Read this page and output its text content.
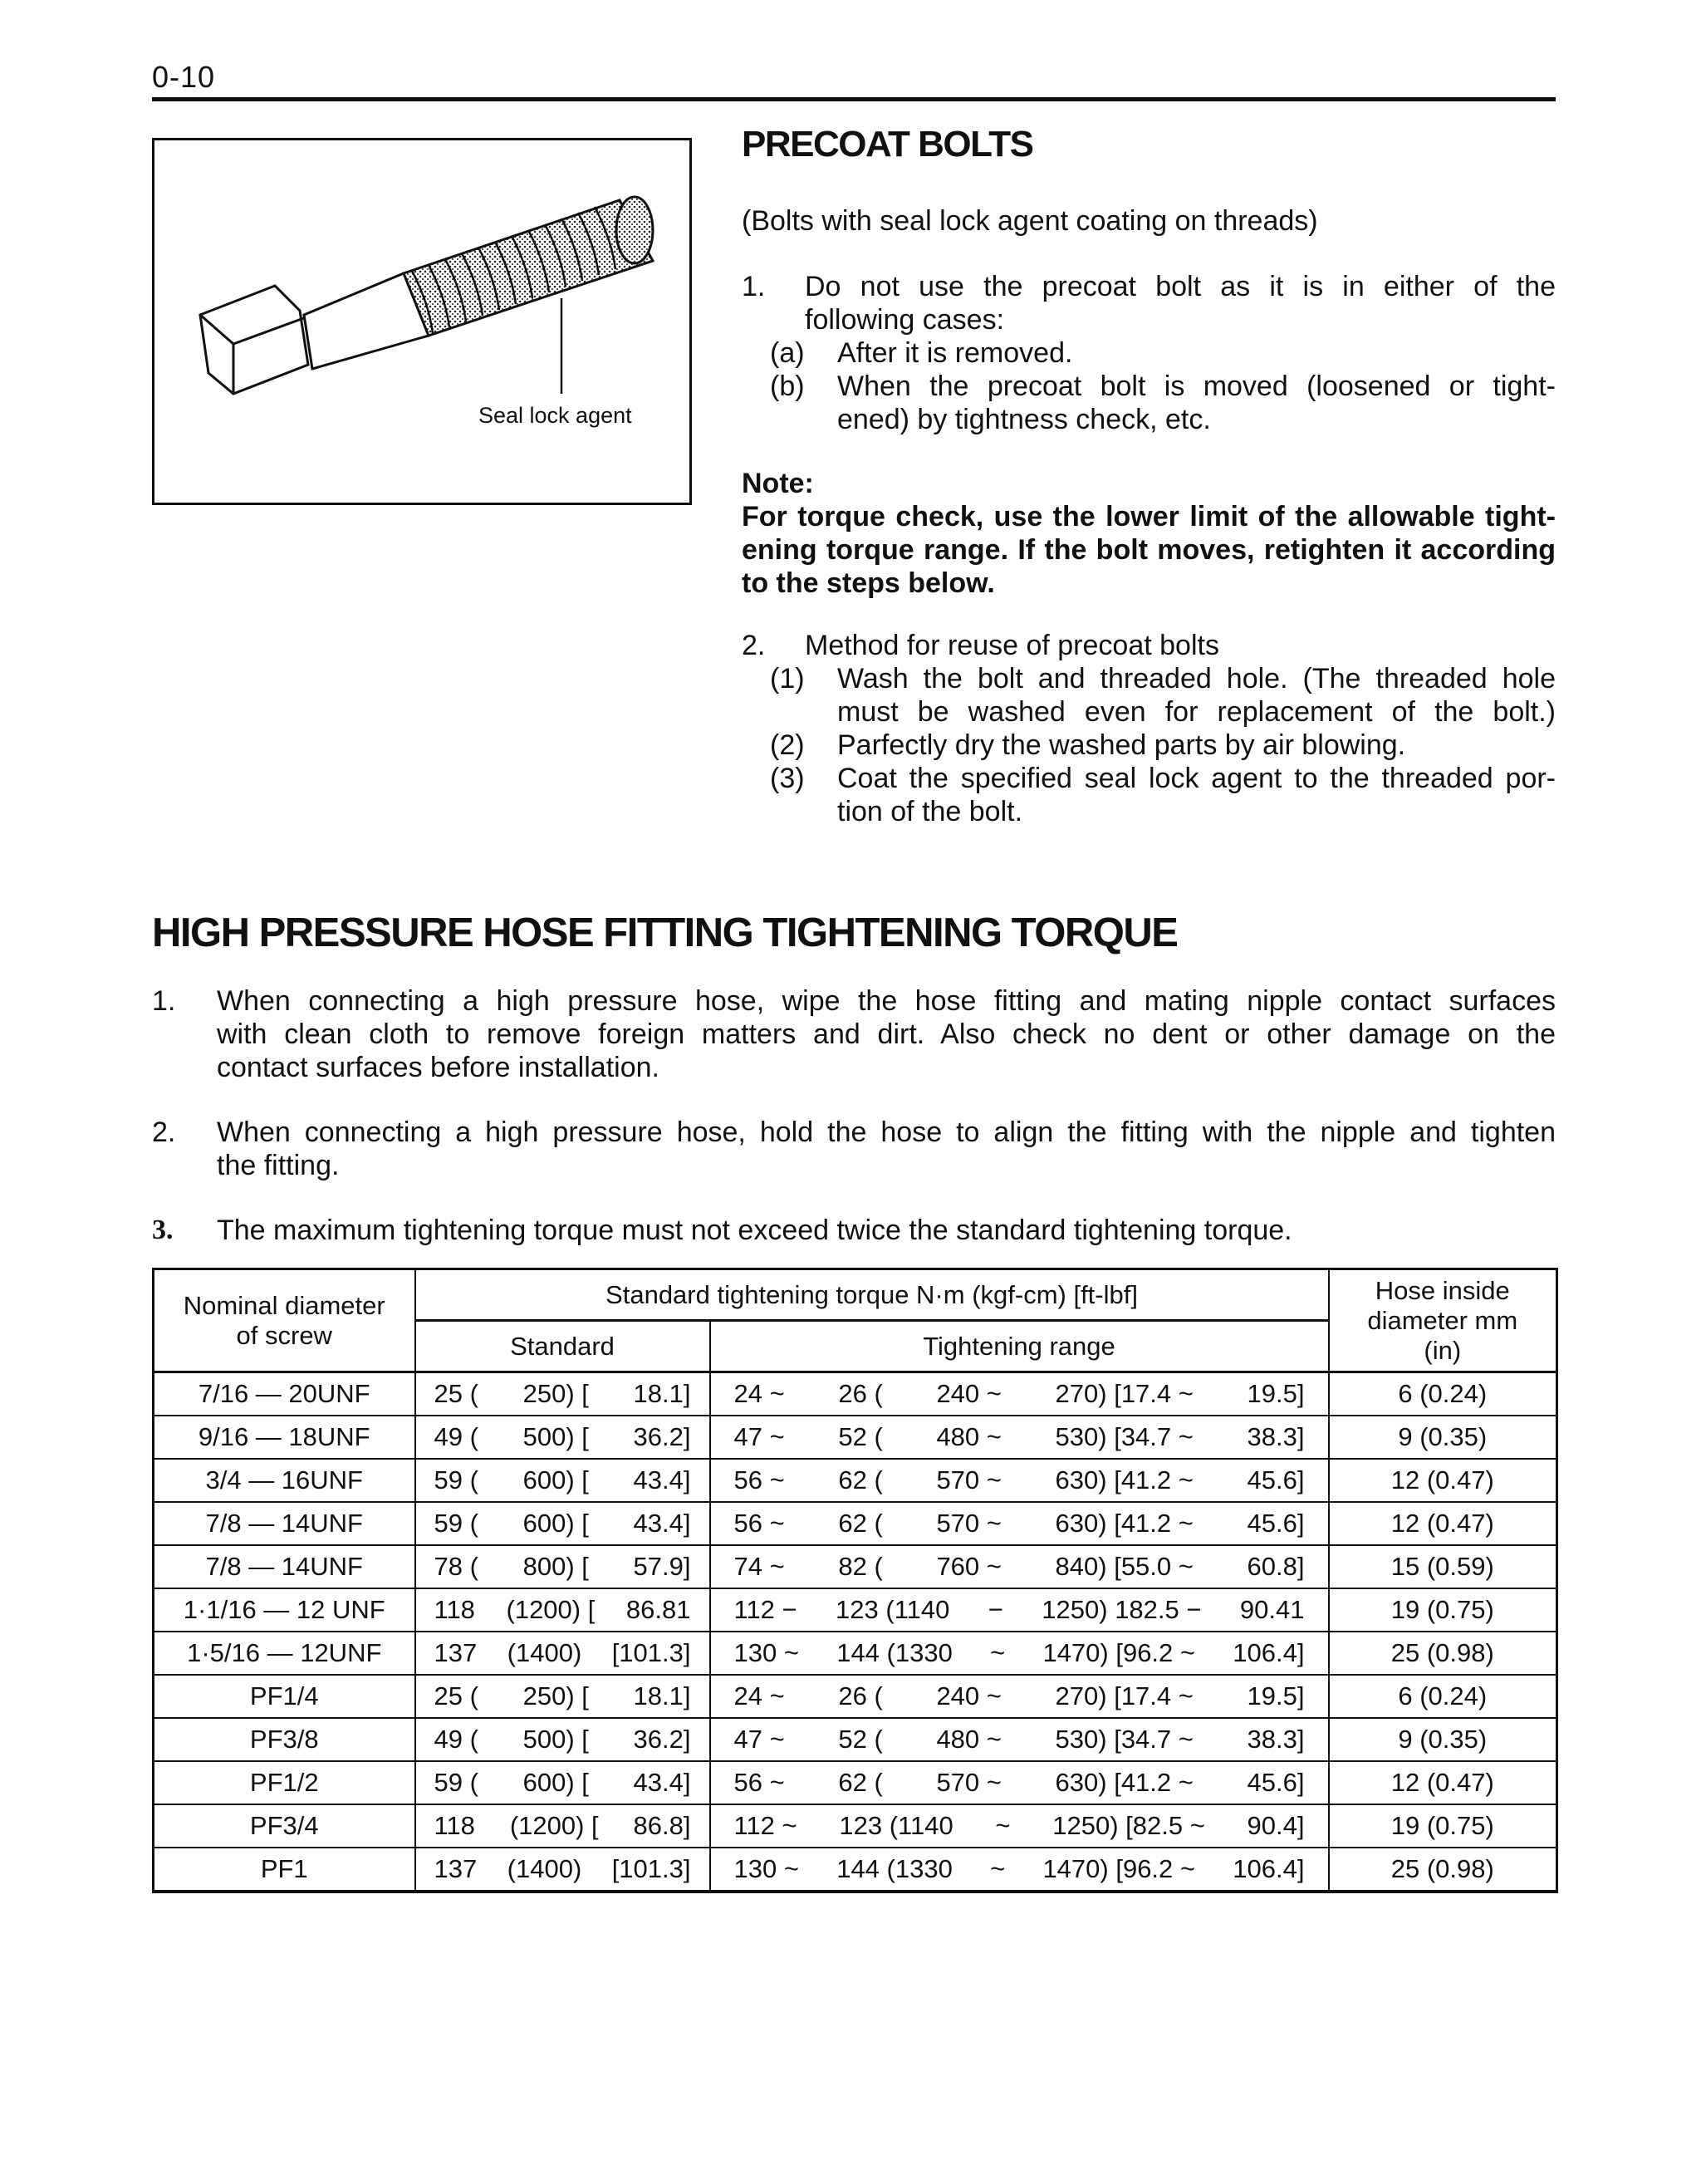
0-10
Seal lock agent
PRECOAT BOLTS
(Bolts with seal lock agent coating on threads)
1. Do not use the precoat bolt as it is in either of the
following cases:
(a) After it is removed.
(b) When the precoat bolt is moved (loosened or tight-
ened) by tightness check, etc.
Note:
For torque check, use the lower limit of the allowable tight-
ening torque range. If the bolt moves, retighten it according
to the steps below.
2. Method for reuse of precoat bolts
(1) Wash the bolt and threaded hole. (The threaded hole
must be washed even for replacement of the bolt.)
(2) Parfectly dry the washed parts by air blowing.
(3) Coat the specified seal lock agent to the threaded por-
tion of the bolt.
HIGH PRESSURE HOSE FITTING TIGHTENING TORQUE
1. When connecting a high pressure hose, wipe the hose fitting and mating nipple contact surfaces
with clean cloth to remove foreign matters and dirt. Also check no dent or other damage on the
contact surfaces before installation.
2. When connecting a high pressure hose, hold the hose to align the fitting with the nipple and tighten
the fitting.
3. The maximum tightening torque must not exceed twice the standard tightening torque.
Nominal diameter of screw	Standard tightening torque N·m (kgf-cm) [ft-lbf]		Hose inside diameter mm (in)
	Standard	Tightening range	
7/16 — 20UNF	25 ( 250) [ 18.1]	24 ~ 26 ( 240 ~ 270) [17.4 ~ 19.5]	6 (0.24)
9/16 — 18UNF	49 ( 500) [ 36.2]	47 ~ 52 ( 480 ~ 530) [34.7 ~ 38.3]	9 (0.35)
3/4 — 16UNF	59 ( 600) [ 43.4]	56 ~ 62 ( 570 ~ 630) [41.2 ~ 45.6]	12 (0.47)
7/8 — 14UNF	59 ( 600) [ 43.4]	56 ~ 62 ( 570 ~ 630) [41.2 ~ 45.6]	12 (0.47)
7/8 — 14UNF	78 ( 800) [ 57.9]	74 ~ 82 ( 760 ~ 840) [55.0 ~ 60.8]	15 (0.59)
1·1/16 — 12 UNF	118 (1200) [ 86.81	112 − 123 (1140 − 1250) 182.5 − 90.41	19 (0.75)
1·5/16 — 12UNF	137 (1400) [101.3]	130 ~ 144 (1330 ~ 1470) [96.2 ~ 106.4]	25 (0.98)
PF1/4	25 ( 250) [ 18.1]	24 ~ 26 ( 240 ~ 270) [17.4 ~ 19.5]	6 (0.24)
PF3/8	49 ( 500) [ 36.2]	47 ~ 52 ( 480 ~ 530) [34.7 ~ 38.3]	9 (0.35)
PF1/2	59 ( 600) [ 43.4]	56 ~ 62 ( 570 ~ 630) [41.2 ~ 45.6]	12 (0.47)
PF3/4	118 (1200) [ 86.8]	112 ~ 123 (1140 ~ 1250) [82.5 ~ 90.4]	19 (0.75)
PF1	137 (1400) [101.3]	130 ~ 144 (1330 ~ 1470) [96.2 ~ 106.4]	25 (0.98)
